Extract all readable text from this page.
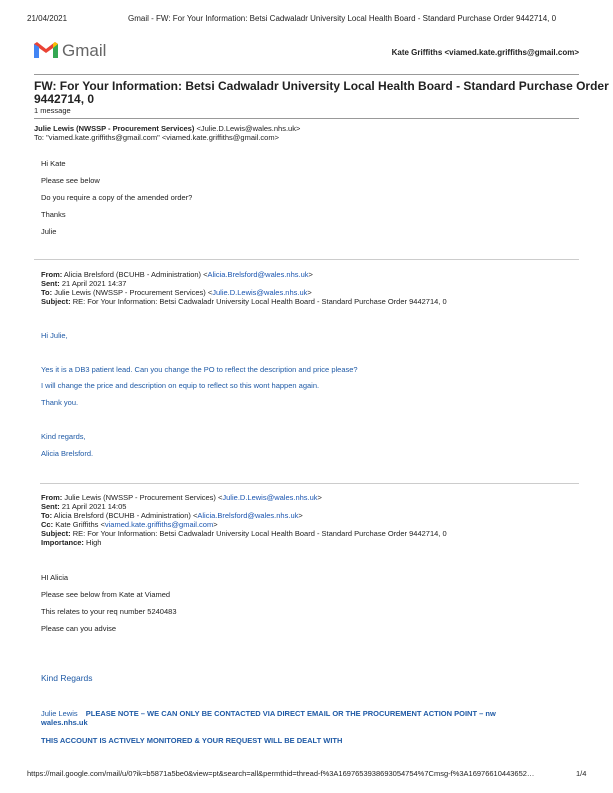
21/04/2021	Gmail - FW: For Your Information: Betsi Cadwaladr University Local Health Board - Standard Purchase Order 9442714, 0
Gmail	Kate Griffiths <viamed.kate.griffiths@gmail.com>
FW: For Your Information: Betsi Cadwaladr University Local Health Board - Standard Purchase Order
9442714, 0
1 message
Julie Lewis (NWSSP - Procurement Services) <Julie.D.Lewis@wales.nhs.uk>
To: "viamed.kate.griffiths@gmail.com" <viamed.kate.griffiths@gmail.com>
Hi Kate
Please see below
Do you require a copy of the amended order?
Thanks
Julie
From: Alicia Brelsford (BCUHB - Administration) <Alicia.Brelsford@wales.nhs.uk>
Sent: 21 April 2021 14:37
To: Julie Lewis (NWSSP - Procurement Services) <Julie.D.Lewis@wales.nhs.uk>
Subject: RE: For Your Information: Betsi Cadwaladr University Local Health Board - Standard Purchase Order 9442714, 0
Hi Julie,
Yes it is a DB3 patient lead. Can you change the PO to reflect the description and price please?
I will change the price and description on equip to reflect so this wont happen again.
Thank you.
Kind regards,
Alicia Brelsford.
From: Julie Lewis (NWSSP - Procurement Services) <Julie.D.Lewis@wales.nhs.uk>
Sent: 21 April 2021 14:05
To: Alicia Brelsford (BCUHB - Administration) <Alicia.Brelsford@wales.nhs.uk>
Cc: Kate Griffiths <viamed.kate.griffiths@gmail.com>
Subject: RE: For Your Information: Betsi Cadwaladr University Local Health Board - Standard Purchase Order 9442714, 0
Importance: High
HI Alicia
Please see below from Kate at Viamed
This relates to your req number 5240483
Please can you advise
Kind Regards
Julie Lewis PLEASE NOTE – WE CAN ONLY BE CONTACTED VIA DIRECT EMAIL OR THE PROCUREMENT ACTION POINT – nw
wales.nhs.uk
THIS ACCOUNT IS ACTIVELY MONITORED & YOUR REQUEST WILL BE DEALT WITH
https://mail.google.com/mail/u/0?ik=b5871a5be0&view=pt&search=all&permthid=thread-f%3A1697653938693054754%7Cmsg-f%3A16976610443652…	1/4
